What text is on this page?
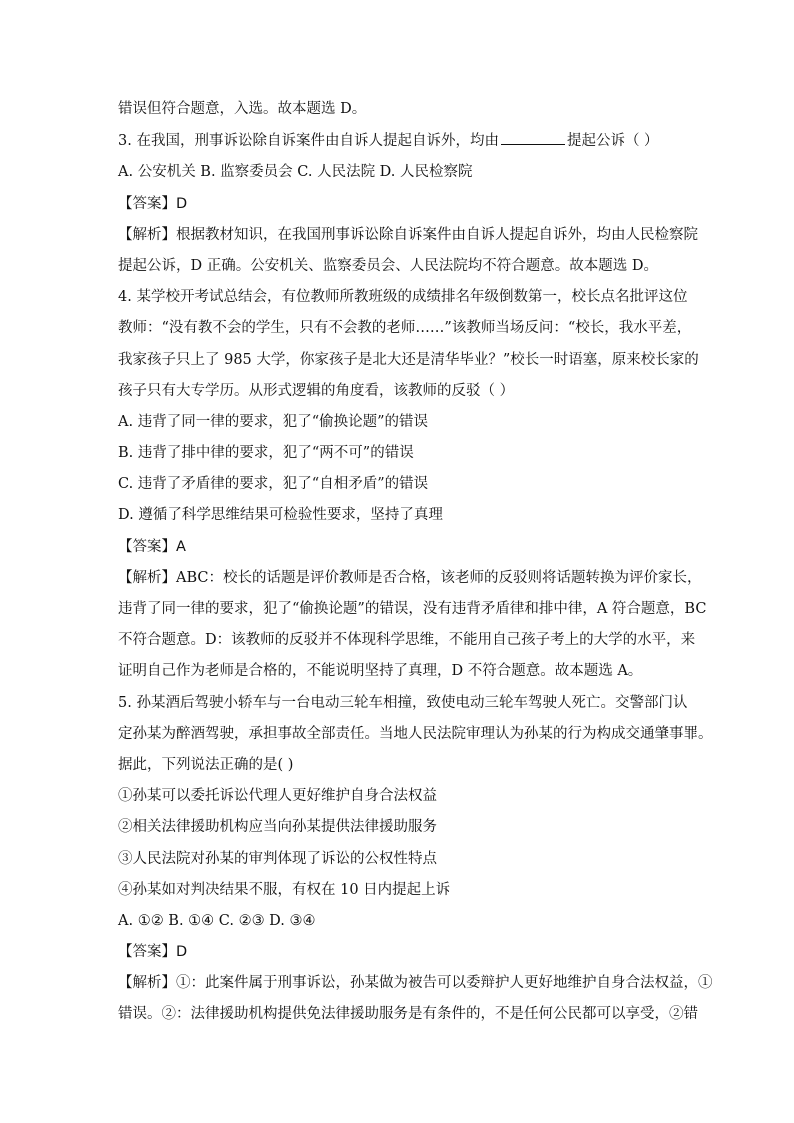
错误但符合题意，入选。故本题选 D。
3. 在我国，刑事诉讼除自诉案件由自诉人提起自诉外，均由	提起公诉（ ）
A. 公安机关 B. 监察委员会 C. 人民法院 D. 人民检察院
【答案】D
【解析】根据教材知识，在我国刑事诉讼除自诉案件由自诉人提起自诉外，均由人民检察院
提起公诉，D 正确。公安机关、监察委员会、人民法院均不符合题意。故本题选 D。
4. 某学校开考试总结会，有位教师所教班级的成绩排名年级倒数第一，校长点名批评这位
教师：“没有教不会的学生，只有不会教的老师……”该教师当场反问：“校长，我水平差，
我家孩子只上了 985 大学，你家孩子是北大还是清华毕业？”校长一时语塞，原来校长家的
孩子只有大专学历。从形式逻辑的角度看，该教师的反驳（ ）
A. 违背了同一律的要求，犯了“偷换论题”的错误
B. 违背了排中律的要求，犯了“两不可”的错误
C. 违背了矛盾律的要求，犯了“自相矛盾”的错误
D. 遵循了科学思维结果可检验性要求，坚持了真理
【答案】A
【解析】ABC：校长的话题是评价教师是否合格，该老师的反驳则将话题转换为评价家长，
违背了同一律的要求，犯了“偷换论题”的错误，没有违背矛盾律和排中律，A 符合题意，BC
不符合题意。D：该教师的反驳并不体现科学思维，不能用自己孩子考上的大学的水平，来
证明自己作为老师是合格的，不能说明坚持了真理，D 不符合题意。故本题选 A。
5. 孙某酒后驾驶小轿车与一台电动三轮车相撞，致使电动三轮车驾驶人死亡。交警部门认
定孙某为醉酒驾驶，承担事故全部责任。当地人民法院审理认为孙某的行为构成交通肇事罪。
据此，下列说法正确的是( )
①孙某可以委托诉讼代理人更好维护自身合法权益
②相关法律援助机构应当向孙某提供法律援助服务
③人民法院对孙某的审判体现了诉讼的公权性特点
④孙某如对判决结果不服，有权在 10 日内提起上诉
A. ①② B. ①④ C. ②③ D. ③④
【答案】D
【解析】①：此案件属于刑事诉讼，孙某做为被告可以委辩护人更好地维护自身合法权益，①
错误。②：法律援助机构提供免法律援助服务是有条件的，不是任何公民都可以享受，②错
